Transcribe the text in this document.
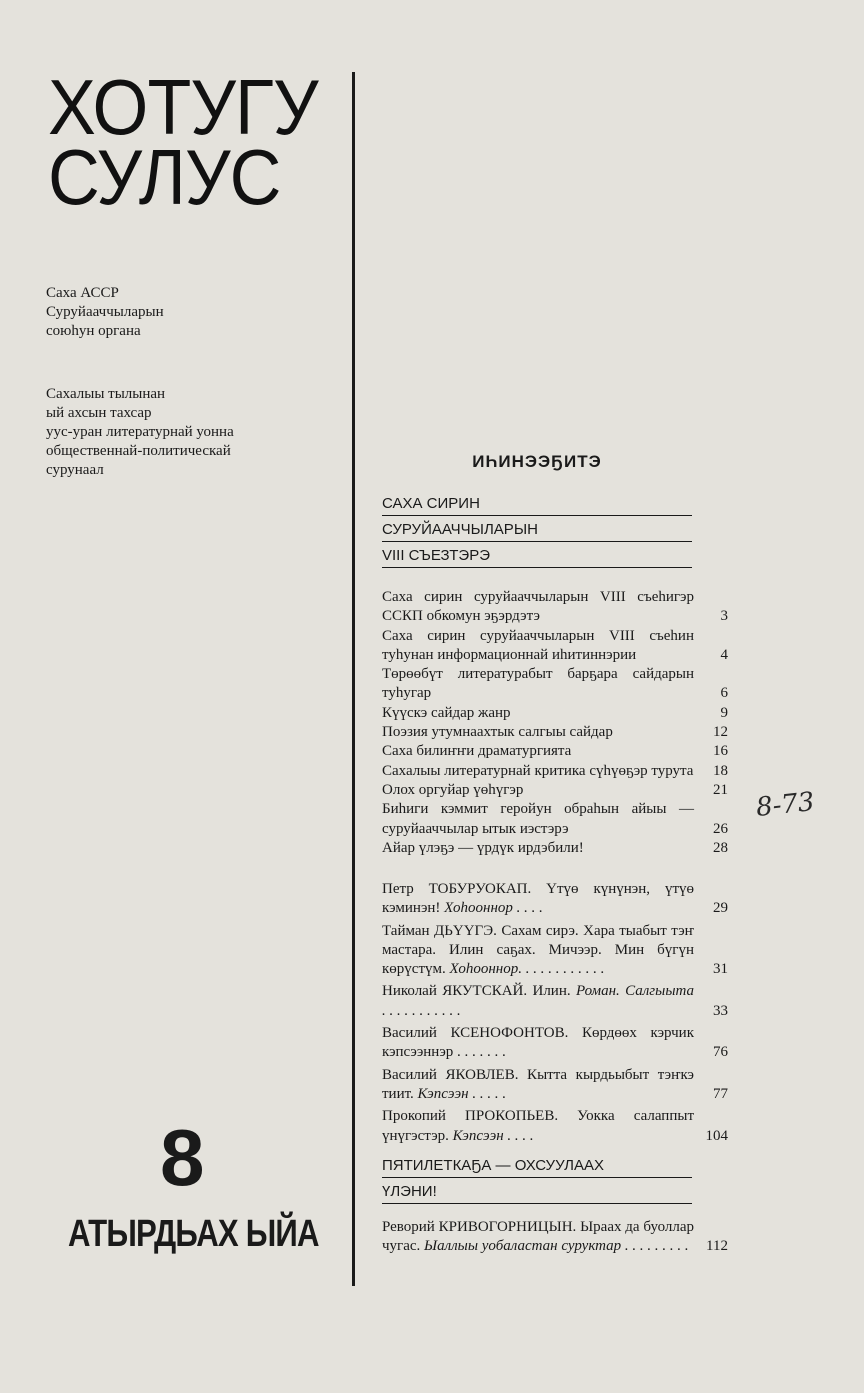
ХОТУГУ
СУЛУС
Саха АССР
Суруйааччыларын
союһун органа
Сахалыы тылынан
ый ахсын тахсар
уус-уран литературнай уонна
общественнай-политическай
сурунаал
8
АТЫРДЬАХ ЫЙА
ИҺИНЭЭҔИТЭ
САХА СИРИН
СУРУЙААЧЧЫЛАРЫН
VIII СЪЕЗТЭРЭ
Саха сирин суруйааччыларын VIII съеһигэр ССКП обкомун эҕэрдэтэ	3
Саха сирин суруйааччыларын VIII съеһин туһунан информационнай иһитиннэрии	4
Төрөөбүт литературабыт барҕара сайдарын туһугар	6
Күүскэ сайдар жанр	9
Поэзия утумнаахтык салгыы сайдар	12
Саха билиҥҥи драматургията	16
Сахалыы литературнай критика сүһүөҕэр турута	18
Олох оргуйар үөһүгэр	21
Биһиги кэммит геройун обраһын айыы — суруйааччылар ытык иэстэрэ	26
Айар үлэҕэ — үрдүк ирдэбили!	28
Петр ТОБУРУОКАП. Үтүө күнүнэн, үтүө кэминэн! Хоһооннор . . . .	29
Тайман ДЬҮҮГЭ. Сахам сирэ. Хара тыабыт тэҥ мастара. Илин саҕах. Мичээр. Мин бүгүн көрүстүм. Хоһооннор. . . . . . . . . . . .	31
Николай ЯКУТСКАЙ. Илин. Роман. Салгыыта . . . . . . . . . . .	33
Василий КСЕНОФОНТОВ. Көрдөөх кэрчик кэпсээннэр . . . . . . .	76
Василий ЯКОВЛЕВ. Кытта кырдьыбыт тэҥкэ тиит. Кэпсээн . . . . .	77
Прокопий ПРОКОПЬЕВ. Уокка салаппыт үнүгэстэр. Кэпсээн . . . .	104
ПЯТИЛЕТКАҔА — ОХСУУЛААХ
ҮЛЭНИ!
Реворий КРИВОГОРНИЦЫН. Ыраах да буоллар чугас. Ыаллыы уобаластан суруктар . . . . . . . . .	112
8-73
